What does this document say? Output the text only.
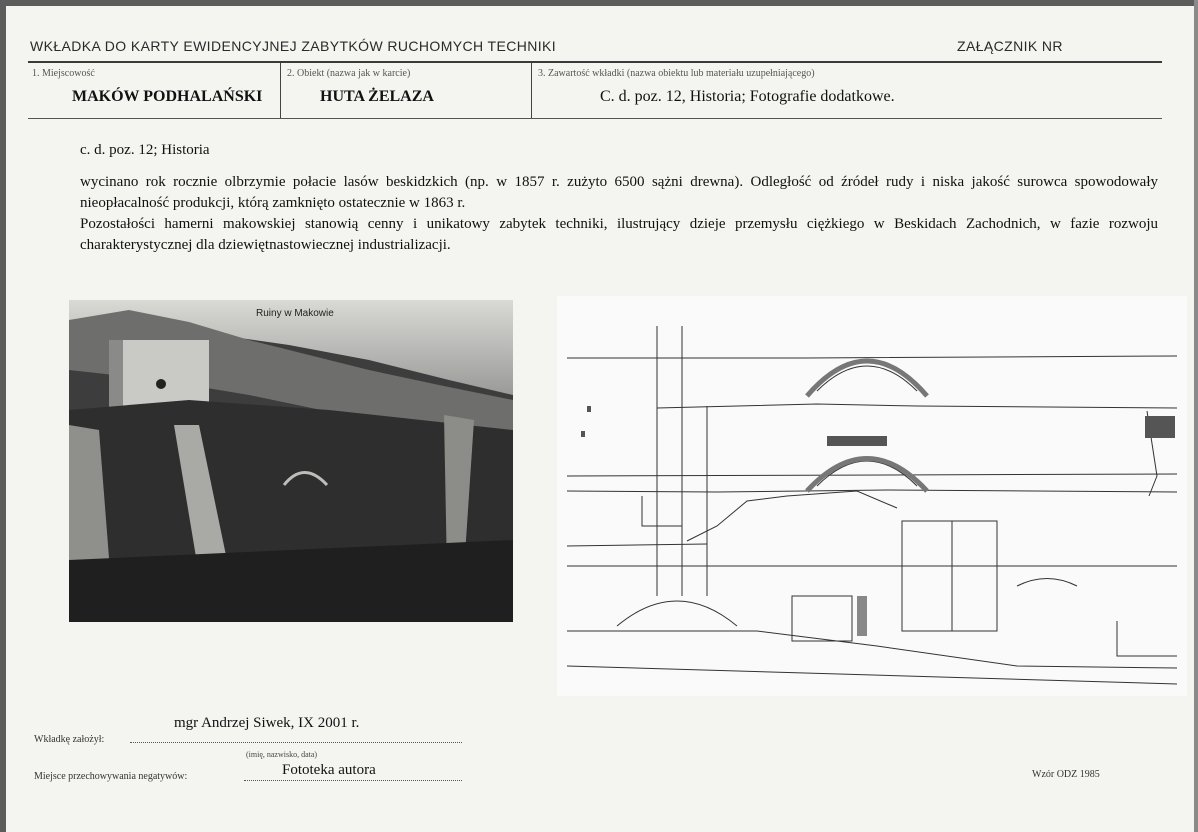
WKŁADKA DO KARTY EWIDENCYJNEJ ZABYTKÓW RUCHOMYCH TECHNIKI	ZAŁĄCZNIK NR
1. Miejscowość
MAKÓW PODHALAŃSKI
2. Obiekt (nazwa jak w karcie)
HUTA ŻELAZA
3. Zawartość wkładki (nazwa obiektu lub materiału uzupełniającego)
C. d. poz. 12, Historia; Fotografie dodatkowe.
c. d. poz. 12; Historia

wycinano rok rocznie olbrzymie połacie lasów beskidzkich (np. w 1857 r. zużyto 6500 sążni drewna). Odległość od źródeł rudy i niska jakość surowca spowodowały nieopłacalność produkcji, którą zamknięto ostatecznie w 1863 r.

Pozostałości hamerni makowskiej stanowią cenny i unikatowy zabytek techniki, ilustrujący dzieje przemysłu ciężkiego w Beskidach Zachodnich, w fazie rozwoju charakterystycznej dla dziewiętnastowiecznej industrializacji.

Ruiny w Makowie
Wkładkę założył:
mgr Andrzej Siwek, IX 2001 r.
(imię, nazwisko, data)
Miejsce przechowywania negatywów:	Fototeka autora	Wzór ODZ 1985
